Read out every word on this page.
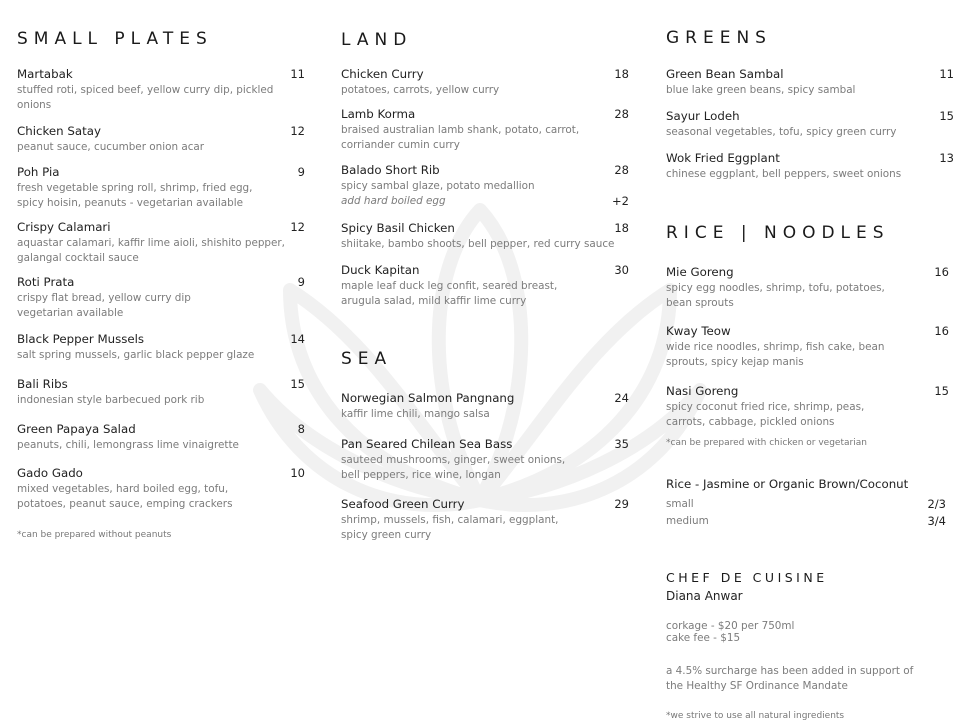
SMALL PLATES
Martabak	11
stuffed roti, spiced beef, yellow curry dip, pickled onions
Chicken Satay	12
peanut sauce, cucumber onion acar
Poh Pia	9
fresh vegetable spring roll, shrimp, fried egg, spicy hoisin, peanuts - vegetarian available
Crispy Calamari	12
aquastar calamari, kaffir lime aioli, shishito pepper, galangal cocktail sauce
Roti Prata	9
crispy flat bread, yellow curry dip vegetarian available
Black Pepper Mussels	14
salt spring mussels, garlic black pepper glaze
Bali Ribs	15
indonesian style barbecued pork rib
Green Papaya Salad	8
peanuts, chili, lemongrass lime vinaigrette
Gado Gado	10
mixed vegetables, hard boiled egg, tofu, potatoes, peanut sauce, emping crackers
*can be prepared without peanuts
LAND
Chicken Curry	18
potatoes, carrots, yellow curry
Lamb Korma	28
braised australian lamb shank, potato, carrot, corriander cumin curry
Balado Short Rib	28
spicy sambal glaze, potato medallion
add hard boiled egg	+2
Spicy Basil Chicken	18
shiitake, bambo shoots, bell pepper, red curry sauce
Duck Kapitan	30
maple leaf duck leg confit, seared breast, arugula salad, mild kaffir lime curry
SEA
Norwegian Salmon Pangnang	24
kaffir lime chili, mango salsa
Pan Seared Chilean Sea Bass	35
sauteed mushrooms, ginger, sweet onions, bell peppers, rice wine, longan
Seafood Green Curry	29
shrimp, mussels, fish, calamari, eggplant, spicy green curry
GREENS
Green Bean Sambal	11
blue lake green beans, spicy sambal
Sayur Lodeh	15
seasonal vegetables, tofu, spicy green curry
Wok Fried Eggplant	13
chinese eggplant, bell peppers, sweet onions
RICE | NOODLES
Mie Goreng	16
spicy egg noodles, shrimp, tofu, potatoes, bean sprouts
Kway Teow	16
wide rice noodles, shrimp, fish cake, bean sprouts, spicy kejap manis
Nasi Goreng	15
spicy coconut fried rice, shrimp, peas, carrots, cabbage, pickled onions
*can be prepared with chicken or vegetarian
Rice - Jasmine or Organic Brown/Coconut
small	2/3
medium	3/4
CHEF DE CUISINE
Diana Anwar
corkage - $20 per 750ml
cake fee - $15
a 4.5% surcharge has been added in support of the Healthy SF Ordinance Mandate
*we strive to use all natural ingredients
